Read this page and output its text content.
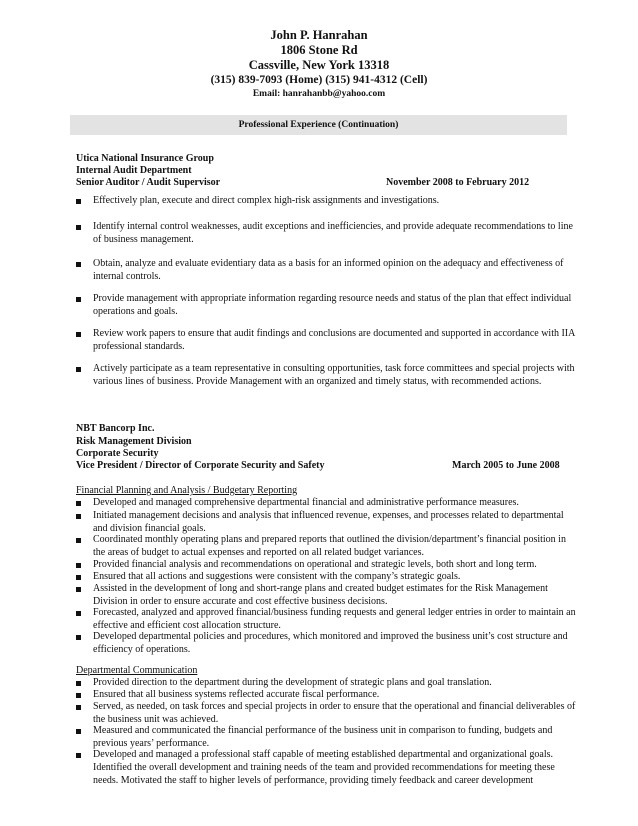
John P. Hanrahan
1806 Stone Rd
Cassville, New York 13318
(315) 839-7093 (Home) (315) 941-4312 (Cell)
Email: hanrahanbb@yahoo.com
Professional Experience (Continuation)
Utica National Insurance Group
Internal Audit Department
Senior Auditor / Audit Supervisor	November 2008 to February 2012
Effectively plan, execute and direct complex high-risk assignments and investigations.
Identify internal control weaknesses, audit exceptions and inefficiencies, and provide adequate recommendations to line of business management.
Obtain, analyze and evaluate evidentiary data as a basis for an informed opinion on the adequacy and effectiveness of internal controls.
Provide management with appropriate information regarding resource needs and status of the plan that effect individual operations and goals.
Review work papers to ensure that audit findings and conclusions are documented and supported in accordance with IIA professional standards.
Actively participate as a team representative in consulting opportunities, task force committees and special projects with various lines of business. Provide Management with an organized and timely status, with recommended actions.
NBT Bancorp Inc.
Risk Management Division
Corporate Security
Vice President / Director of Corporate Security and Safety	March 2005 to June 2008
Financial Planning and Analysis / Budgetary Reporting
Developed and managed comprehensive departmental financial and administrative performance measures.
Initiated management decisions and analysis that influenced revenue, expenses, and processes related to departmental and division financial goals.
Coordinated monthly operating plans and prepared reports that outlined the division/department’s financial position in the areas of budget to actual expenses and reported on all related budget variances.
Provided financial analysis and recommendations on operational and strategic levels, both short and long term.
Ensured that all actions and suggestions were consistent with the company’s strategic goals.
Assisted in the development of long and short-range plans and created budget estimates for the Risk Management Division in order to ensure accurate and cost effective business decisions.
Forecasted, analyzed and approved financial/business funding requests and general ledger entries in order to maintain an effective and efficient cost allocation structure.
Developed departmental policies and procedures, which monitored and improved the business unit’s cost structure and efficiency of operations.
Departmental Communication
Provided direction to the department during the development of strategic plans and goal translation.
Ensured that all business systems reflected accurate fiscal performance.
Served, as needed, on task forces and special projects in order to ensure that the operational and financial deliverables of the business unit was achieved.
Measured and communicated the financial performance of the business unit in comparison to funding, budgets and previous years’ performance.
Developed and managed a professional staff capable of meeting established departmental and organizational goals. Identified the overall development and training needs of the team and provided recommendations for meeting these needs. Motivated the staff to higher levels of performance, providing timely feedback and career development
